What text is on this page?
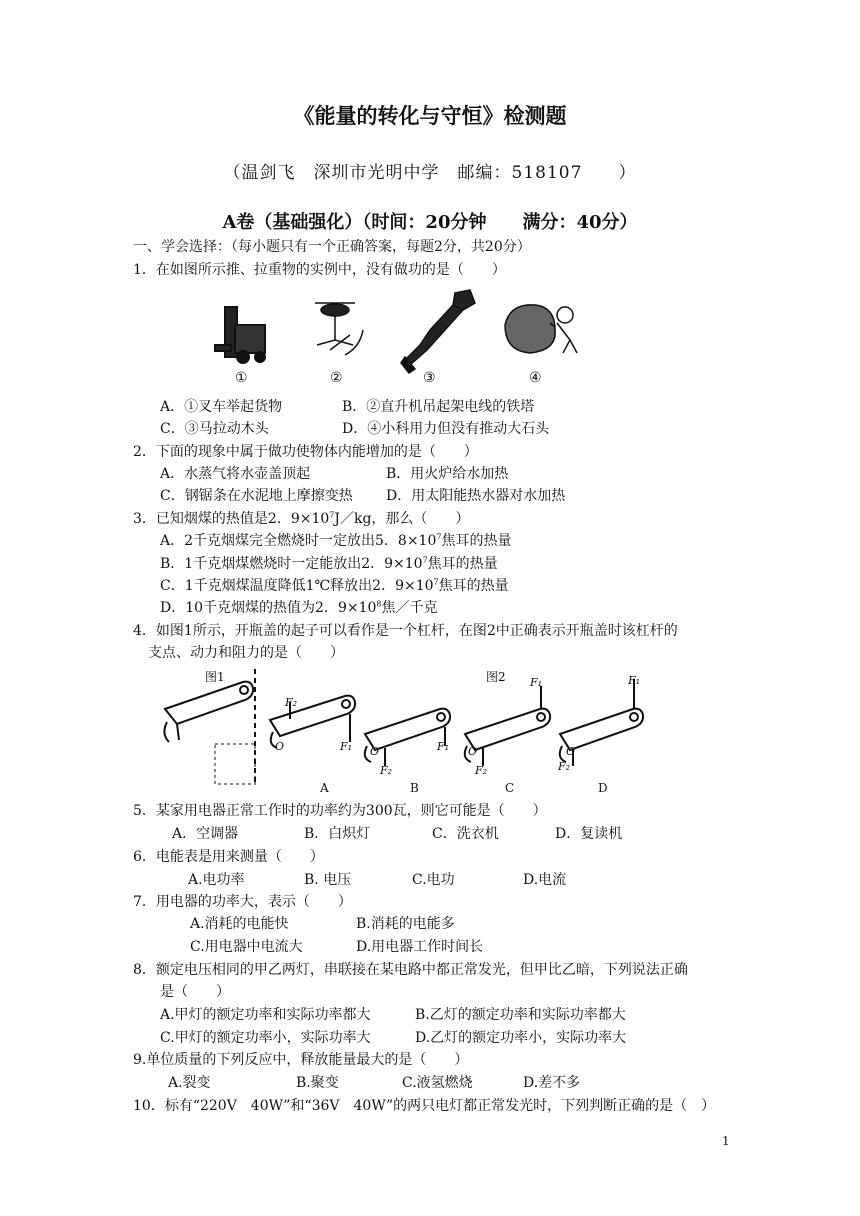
《能量的转化与守恒》检测题
（温剑飞　深圳市光明中学　邮编：518107　　）
A卷（基础强化）（时间：20分钟　　满分：40分）
一、学会选择：（每小题只有一个正确答案，每题2分，共20分）
1．在如图所示推、拉重物的实例中，没有做功的是（　　）
①	②	③	④
A．①叉车举起货物	B．②直升机吊起架电线的铁塔
C．③马拉动木头	D．④小科用力但没有推动大石头
2．下面的现象中属于做功使物体内能增加的是（　　）
A．水蒸气将水壶盖顶起	B．用火炉给水加热
C．钢锯条在水泥地上摩擦变热 D．用太阳能热水器对水加热
3．已知烟煤的热值是2．$9\times 10^7J/kg$，那么（　　）
A．2千克烟煤完全燃烧时一定放出5．$8\times 10^7$焦耳的热量
B．1千克烟煤燃烧时一定能放出2．$9\times 10^7$焦耳的热量
C．1千克烟煤温度降低1℃释放出2．$9\times 10^7$焦耳的热量
D．10千克烟煤的热值为2．$9\times 10^8$焦／千克
4．如图1所示，开瓶盖的起子可以看作是一个杠杆，在图2中正确表示开瓶盖时该杠杆的
支点、动力和阻力的是（　　）
图1	图2
F₂
O	F₁ O
F₂
F₁ O
F₂
F₁
O
F₂
F₁
A	B	C	D
5．某家用电器正常工作时的功率约为300瓦，则它可能是（　　）
A．空调器	B．白炽灯	C．洗衣机	D．复读机
6．电能表是用来测量（　　）
A.电功率	B. 电压	C.电功	D.电流
7．用电器的功率大，表示（　　）
A.消耗的电能快	B.消耗的电能多
C.用电器中电流大	D.用电器工作时间长
8．额定电压相同的甲乙两灯，串联接在某电路中都正常发光，但甲比乙暗，下列说法正确
是（　　）
A.甲灯的额定功率和实际功率都大	B.乙灯的额定功率和实际功率都大
C.甲灯的额定功率小，实际功率大	D.乙灯的额定功率小，实际功率大
9.单位质量的下列反应中，释放能量最大的是（　　）
A.裂变	B.聚变	C.液氢燃烧	D.差不多
10．标有“220V　40W”和“36V　40W”的两只电灯都正常发光时，下列判断正确的是（　）
1
